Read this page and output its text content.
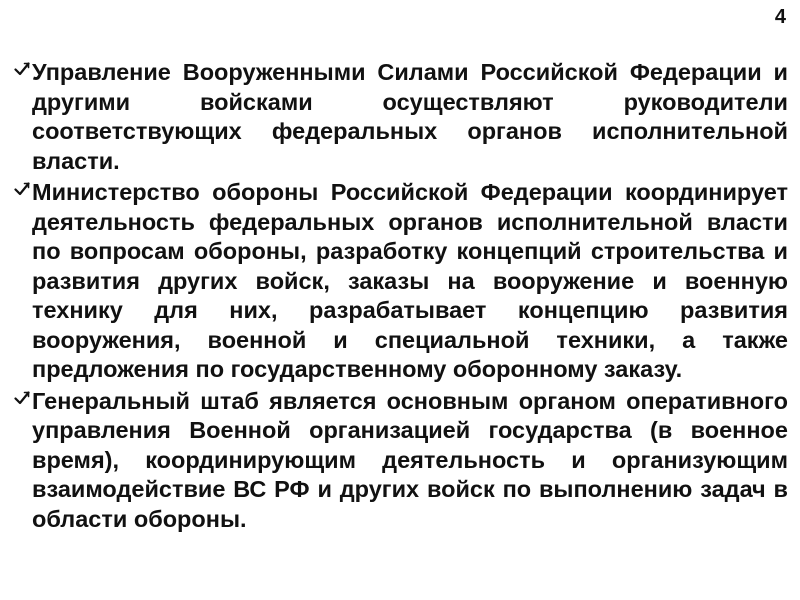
4
Управление Вооруженными Силами Российской Федерации и другими войсками осуществляют руководители соответствующих федеральных органов исполнительной власти.
Министерство обороны Российской Федерации координирует деятельность федеральных органов исполнительной власти по вопросам обороны, разработку концепций строительства и развития других войск, заказы на вооружение и военную технику для них, разрабатывает концепцию развития вооружения, военной и специальной техники, а также предложения по государственному оборонному заказу.
Генеральный штаб является основным органом оперативного управления Военной организацией государства (в военное время), координирующим деятельность и организующим взаимодействие ВС РФ и других войск по выполнению задач в области обороны.
